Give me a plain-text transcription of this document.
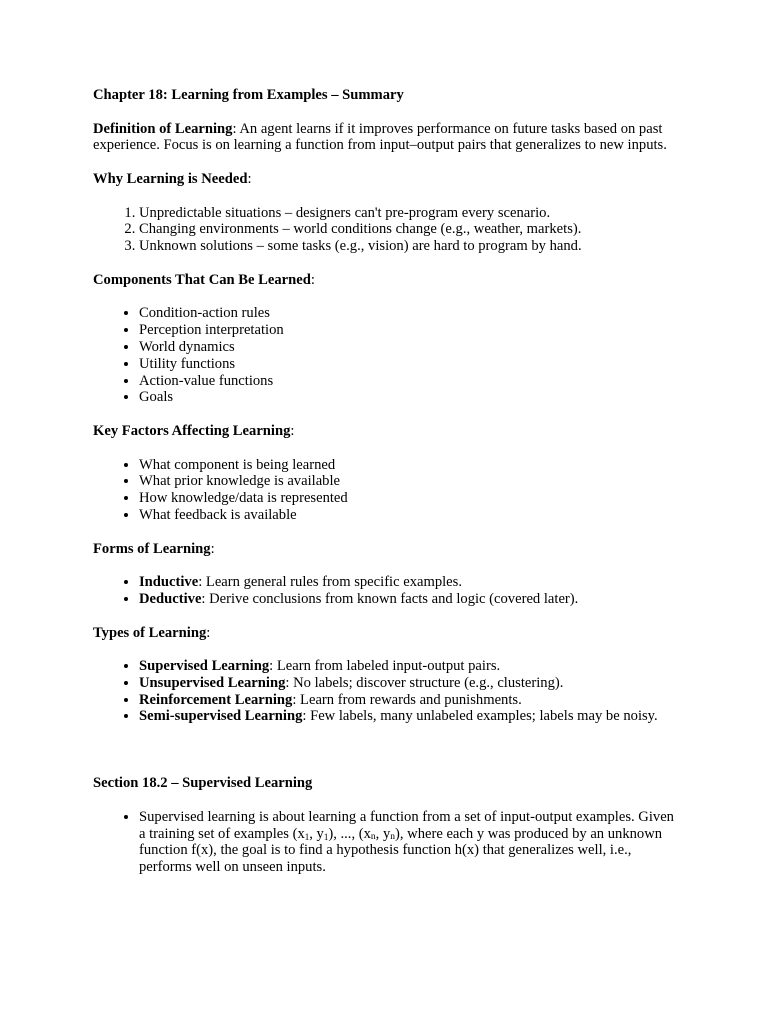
Chapter 18: Learning from Examples – Summary

Definition of Learning: An agent learns if it improves performance on future tasks based on past experience. Focus is on learning a function from input–output pairs that generalizes to new inputs.

Why Learning is Needed:

1. Unpredictable situations – designers can't pre-program every scenario.
2. Changing environments – world conditions change (e.g., weather, markets).
3. Unknown solutions – some tasks (e.g., vision) are hard to program by hand.

Components That Can Be Learned:

• Condition-action rules
• Perception interpretation
• World dynamics
• Utility functions
• Action-value functions
• Goals

Key Factors Affecting Learning:

• What component is being learned
• What prior knowledge is available
• How knowledge/data is represented
• What feedback is available

Forms of Learning:

• Inductive: Learn general rules from specific examples.
• Deductive: Derive conclusions from known facts and logic (covered later).

Types of Learning:

• Supervised Learning: Learn from labeled input-output pairs.
• Unsupervised Learning: No labels; discover structure (e.g., clustering).
• Reinforcement Learning: Learn from rewards and punishments.
• Semi-supervised Learning: Few labels, many unlabeled examples; labels may be noisy.

Section 18.2 – Supervised Learning

• Supervised learning is about learning a function from a set of input-output examples. Given a training set of examples ($x_1$, $y_1$), ..., ($x_n$, $y_n$), where each y was produced by an unknown function f(x), the goal is to find a hypothesis function h(x) that generalizes well, i.e., performs well on unseen inputs.
